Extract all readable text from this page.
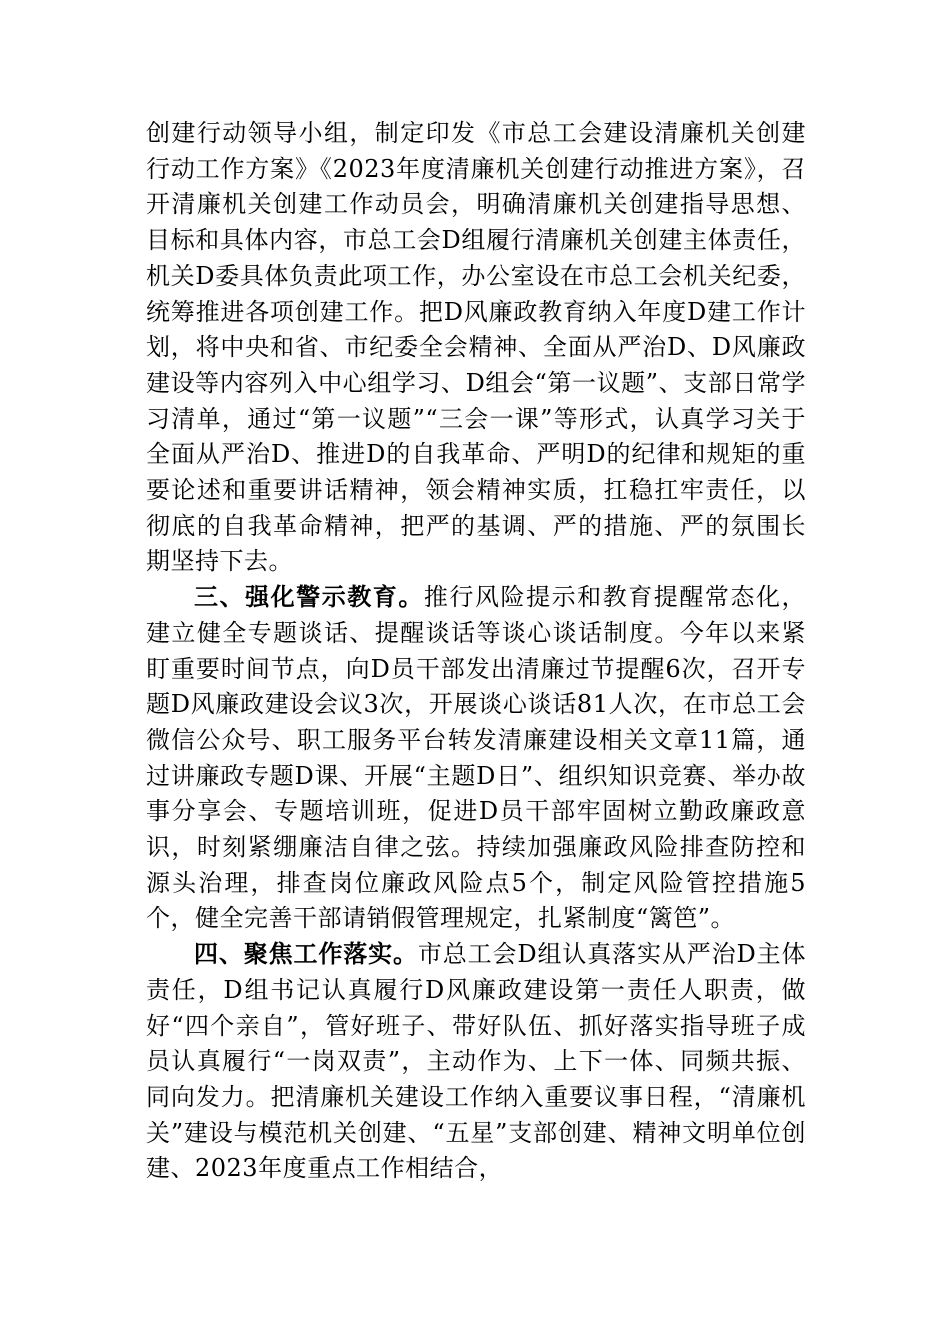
创建行动领导小组，制定印发《市总工会建设清廉机关创建行动工作方案》《2023年度清廉机关创建行动推进方案》，召开清廉机关创建工作动员会，明确清廉机关创建指导思想、目标和具体内容，市总工会D组履行清廉机关创建主体责任，机关D委具体负责此项工作，办公室设在市总工会机关纪委，统筹推进各项创建工作。把D风廉政教育纳入年度D建工作计划，将中央和省、市纪委全会精神、全面从严治D、D风廉政建设等内容列入中心组学习、D组会“第一议题”、支部日常学习清单，通过“第一议题”“三会一课”等形式，认真学习关于全面从严治D、推进D的自我革命、严明D的纪律和规矩的重要论述和重要讲话精神，领会精神实质，扛稳扛牢责任，以彻底的自我革命精神，把严的基调、严的措施、严的氛围长期坚持下去。

三、强化警示教育。推行风险提示和教育提醒常态化，建立健全专题谈话、提醒谈话等谈心谈话制度。今年以来紧盯重要时间节点，向D员干部发出清廉过节提醒6次，召开专题D风廉政建设会议3次，开展谈心谈话81人次，在市总工会微信公众号、职工服务平台转发清廉建设相关文章11篇，通过讲廉政专题D课、开展“主题D日”、组织知识竞赛、举办故事分享会、专题培训班，促进D员干部牢固树立勤政廉政意识，时刻紧绷廉洁自律之弦。持续加强廉政风险排查防控和源头治理，排查岗位廉政风险点5个，制定风险管控措施5个，健全完善干部请销假管理规定，扎紧制度“篱笆”。

四、聚焦工作落实。市总工会D组认真落实从严治D主体责任，D组书记认真履行D风廉政建设第一责任人职责，做好“四个亲自”，管好班子、带好队伍、抓好落实指导班子成员认真履行“一岗双责”，主动作为、上下一体、同频共振、同向发力。把清廉机关建设工作纳入重要议事日程，“清廉机关”建设与模范机关创建、“五星”支部创建、精神文明单位创建、2023年度重点工作相结合，
